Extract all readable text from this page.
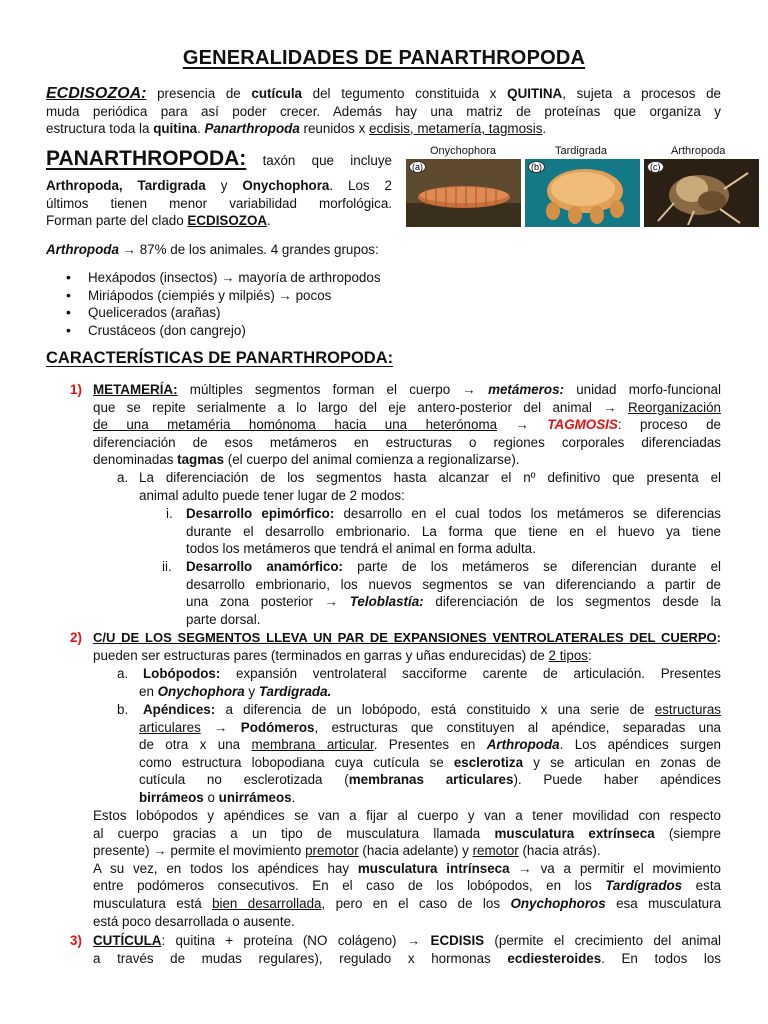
GENERALIDADES DE PANARTHROPODA
ECDISOZOA: presencia de cutícula del tegumento constituida x QUITINA, sujeta a procesos de
muda periódica para así poder crecer. Además hay una matriz de proteínas que organiza y
estructura toda la quitina. Panarthropoda reunidos x ecdisis, metamería, tagmosis.
PANARTHROPODA: taxón que incluye
Arthropoda, Tardigrada y Onychophora. Los 2
últimos tienen menor variabilidad morfológica.
Forman parte del clado ECDISOZOA.
Onychophora	Tardigrada	Arthropoda
(a)	(b)	(c)
Arthropoda → 87% de los animales. 4 grandes grupos:
• Hexápodos (insectos) → mayoría de arthropodos
• Miriápodos (ciempiés y milpiés) → pocos
• Quelicerados (arañas)
• Crustáceos (don cangrejo)
CARACTERÍSTICAS DE PANARTHROPODA:
1) METAMERÍA: múltiples segmentos forman el cuerpo → metámeros: unidad morfo-funcional
que se repite serialmente a lo largo del eje antero-posterior del animal → Reorganización
de una metaméria homónoma hacia una heterónoma → TAGMOSIS: proceso de
diferenciación de esos metámeros en estructuras o regiones corporales diferenciadas
denominadas tagmas (el cuerpo del animal comienza a regionalizarse).
a. La diferenciación de los segmentos hasta alcanzar el nº definitivo que presenta el
animal adulto puede tener lugar de 2 modos:
i. Desarrollo epimórfico: desarrollo en el cual todos los metámeros se diferencias
durante el desarrollo embrionario. La forma que tiene en el huevo ya tiene
todos los metámeros que tendrá el animal en forma adulta.
ii. Desarrollo anamórfico: parte de los metámeros se diferencian durante el
desarrollo embrionario, los nuevos segmentos se van diferenciando a partir de
una zona posterior → Teloblastía: diferenciación de los segmentos desde la
parte dorsal.
2) C/U DE LOS SEGMENTOS LLEVA UN PAR DE EXPANSIONES VENTROLATERALES DEL CUERPO:
pueden ser estructuras pares (terminados en garras y uñas endurecidas) de 2 tipos:
a. Lobópodos: expansión ventrolateral sacciforme carente de articulación. Presentes
en Onychophora y Tardigrada.
b. Apéndices: a diferencia de un lobópodo, está constituido x una serie de estructuras
articulares → Podómeros, estructuras que constituyen al apéndice, separadas una
de otra x una membrana articular. Presentes en Arthropoda. Los apéndices surgen
como estructura lobopodiana cuya cutícula se esclerotiza y se articulan en zonas de
cutícula no esclerotizada (membranas articulares). Puede haber apéndices
birrámeos o unirrámeos.
Estos lobópodos y apéndices se van a fijar al cuerpo y van a tener movilidad con respecto
al cuerpo gracias a un tipo de musculatura llamada musculatura extrínseca (siempre
presente) → permite el movimiento premotor (hacia adelante) y remotor (hacia atrás).
A su vez, en todos los apéndices hay musculatura intrínseca → va a permitir el movimiento
entre podómeros consecutivos. En el caso de los lobópodos, en los Tardígrados esta
musculatura está bien desarrollada, pero en el caso de los Onychophoros esa musculatura
está poco desarrollada o ausente.
3) CUTÍCULA: quitina + proteína (NO colágeno) → ECDISIS (permite el crecimiento del animal
a través de mudas regulares), regulado x hormonas ecdiesteroides. En todos los
